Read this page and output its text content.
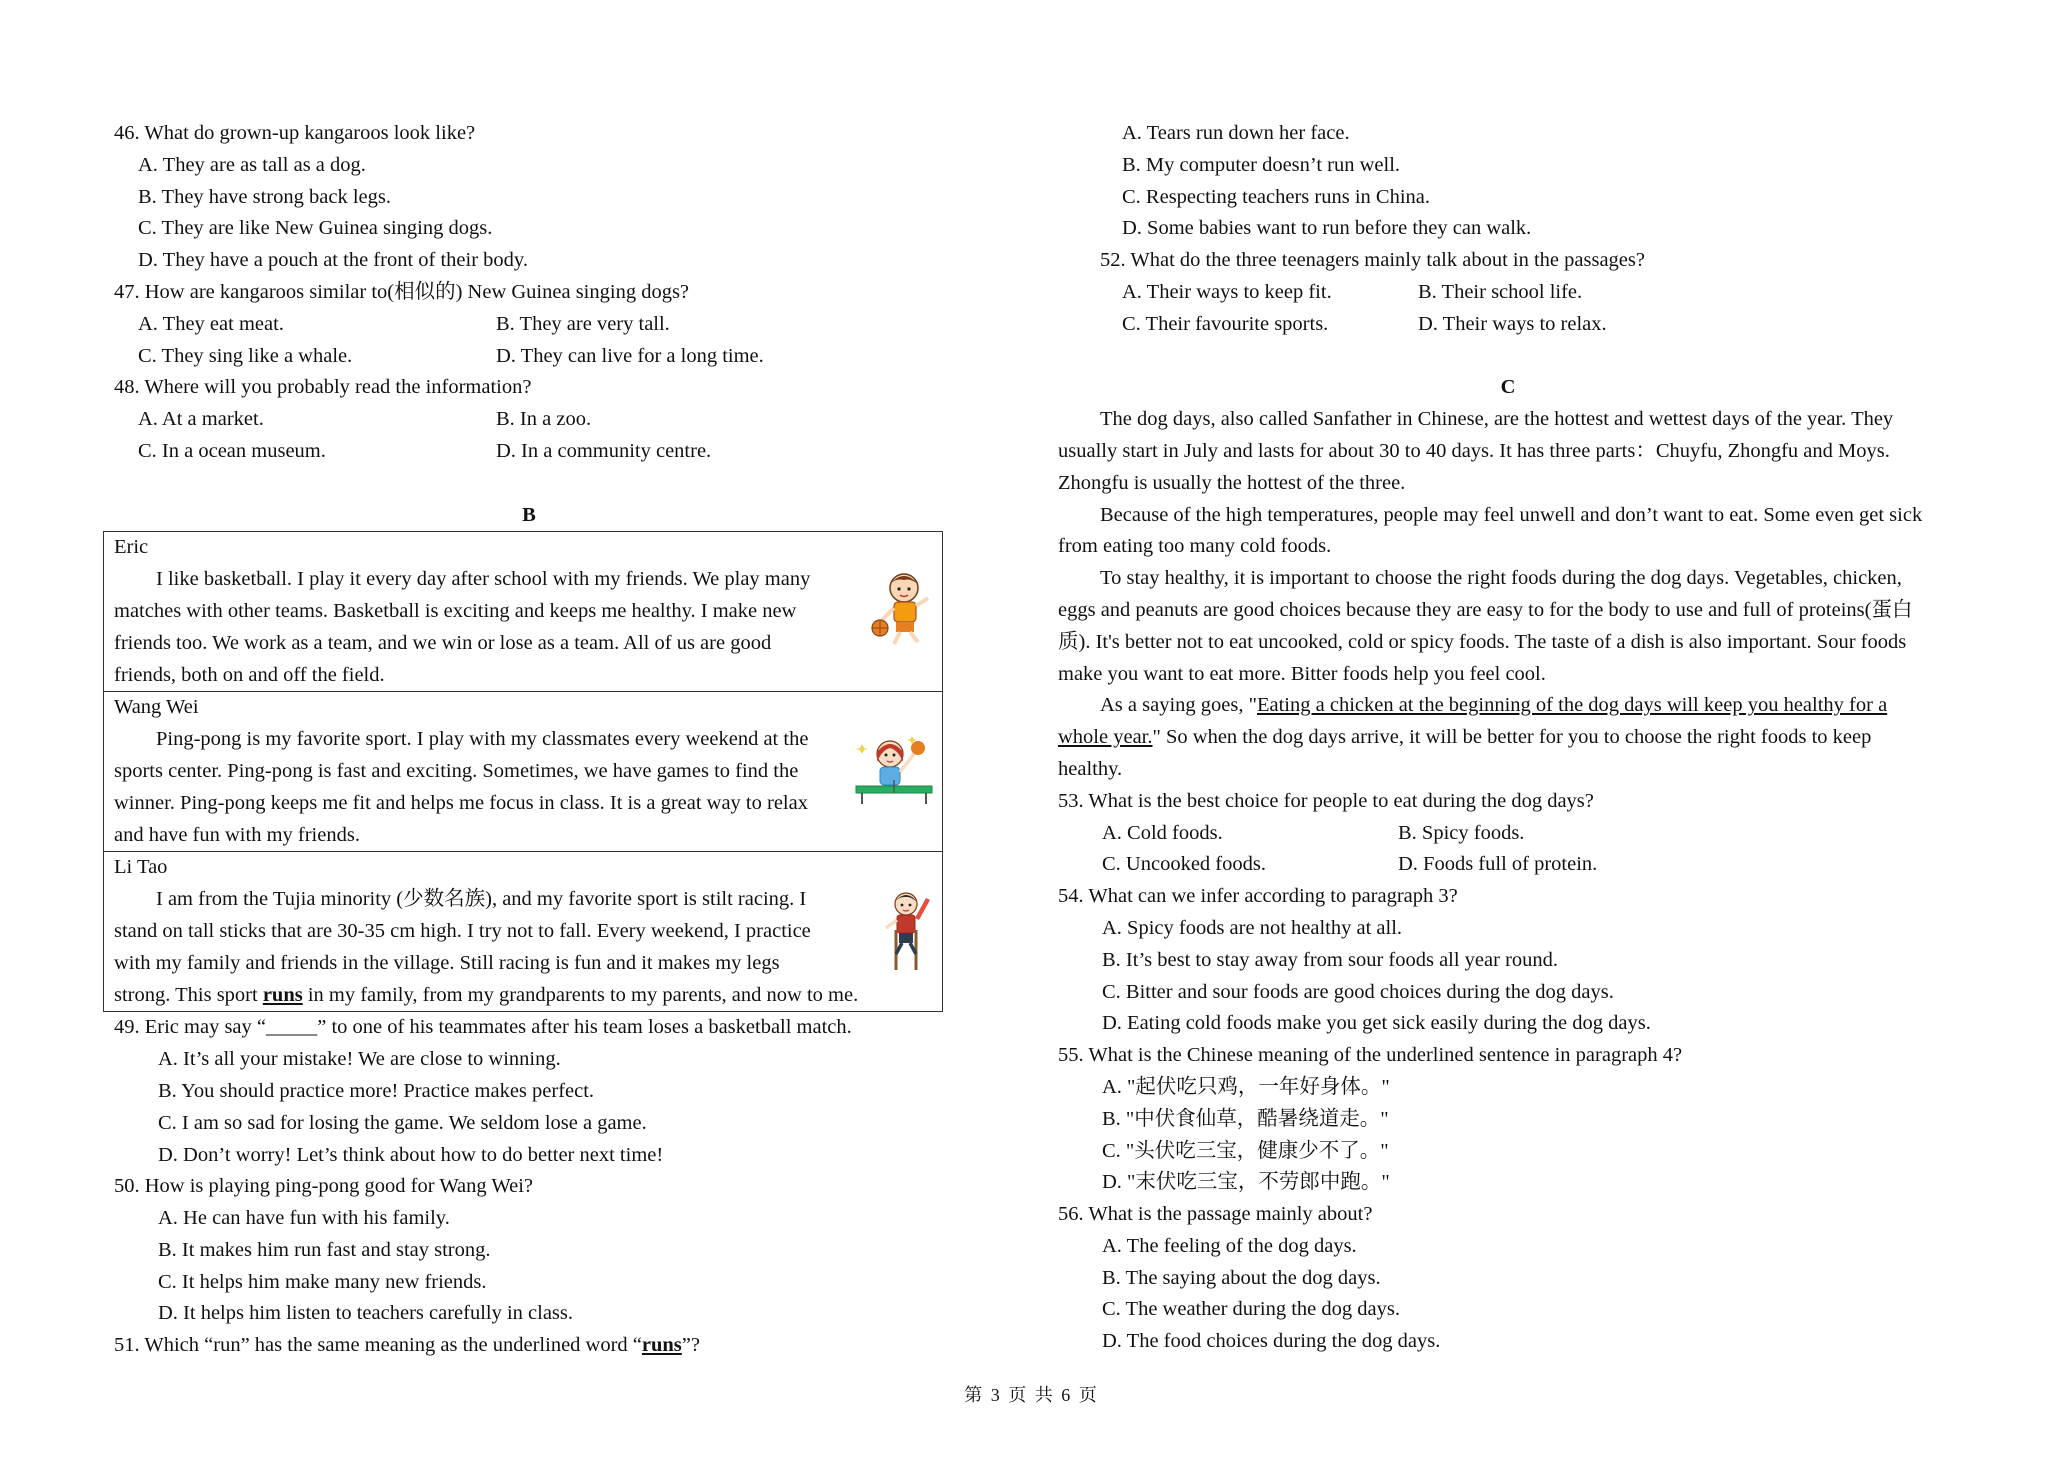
46. What do grown-up kangaroos look like?
A. They are as tall as a dog.
B. They have strong back legs.
C. They are like New Guinea singing dogs.
D. They have a pouch at the front of their body.
47. How are kangaroos similar to(相似的) New Guinea singing dogs?
A. They eat meat.	B. They are very tall.
C. They sing like a whale.	D. They can live for a long time.
48. Where will you probably read the information?
A. At a market.	B. In a zoo.
C. In a ocean museum.	D. In a community centre.
B
Eric
I like basketball. I play it every day after school with my friends. We play many
matches with other teams. Basketball is exciting and keeps me healthy. I make new
friends too. We work as a team, and we win or lose as a team. All of us are good
friends, both on and off the field.
Wang Wei
Ping-pong is my favorite sport. I play with my classmates every weekend at the
sports center. Ping-pong is fast and exciting. Sometimes, we have games to find the
winner. Ping-pong keeps me fit and helps me focus in class. It is a great way to relax
and have fun with my friends.
Li Tao
I am from the Tujia minority (少数名族), and my favorite sport is stilt racing. I
stand on tall sticks that are 30-35 cm high. I try not to fall. Every weekend, I practice
with my family and friends in the village. Still racing is fun and it makes my legs
strong. This sport runs in my family, from my grandparents to my parents, and now to me.
49. Eric may say “_____” to one of his teammates after his team loses a basketball match.
A. It’s all your mistake! We are close to winning.
B. You should practice more! Practice makes perfect.
C. I am so sad for losing the game. We seldom lose a game.
D. Don’t worry! Let’s think about how to do better next time!
50. How is playing ping-pong good for Wang Wei?
A. He can have fun with his family.
B. It makes him run fast and stay strong.
C. It helps him make many new friends.
D. It helps him listen to teachers carefully in class.
51. Which “run” has the same meaning as the underlined word “runs”?
A. Tears run down her face.
B. My computer doesn’t run well.
C. Respecting teachers runs in China.
D. Some babies want to run before they can walk.
52. What do the three teenagers mainly talk about in the passages?
A. Their ways to keep fit.	B. Their school life.
C. Their favourite sports.	D. Their ways to relax.
C
The dog days, also called Sanfather in Chinese, are the hottest and wettest days of the year. They
usually start in July and lasts for about 30 to 40 days. It has three parts：Chuyfu, Zhongfu and Moys.
Zhongfu is usually the hottest of the three.
Because of the high temperatures, people may feel unwell and don’t want to eat. Some even get sick
from eating too many cold foods.
To stay healthy, it is important to choose the right foods during the dog days. Vegetables, chicken,
eggs and peanuts are good choices because they are easy to for the body to use and full of proteins(蛋白
质). It's better not to eat uncooked, cold or spicy foods. The taste of a dish is also important. Sour foods
make you want to eat more. Bitter foods help you feel cool.
As a saying goes, "Eating a chicken at the beginning of the dog days will keep you healthy for a
whole year." So when the dog days arrive, it will be better for you to choose the right foods to keep
healthy.
53. What is the best choice for people to eat during the dog days?
A. Cold foods.	B. Spicy foods.
C. Uncooked foods.	D. Foods full of protein.
54. What can we infer according to paragraph 3?
A. Spicy foods are not healthy at all.
B. It’s best to stay away from sour foods all year round.
C. Bitter and sour foods are good choices during the dog days.
D. Eating cold foods make you get sick easily during the dog days.
55. What is the Chinese meaning of the underlined sentence in paragraph 4?
A. "起伏吃只鸡，一年好身体。"
B. "中伏食仙草，酷暑绕道走。"
C. "头伏吃三宝，健康少不了。"
D. "末伏吃三宝，不劳郎中跑。"
56. What is the passage mainly about?
A. The feeling of the dog days.
B. The saying about the dog days.
C. The weather during the dog days.
D. The food choices during the dog days.
第 3 页 共 6 页
